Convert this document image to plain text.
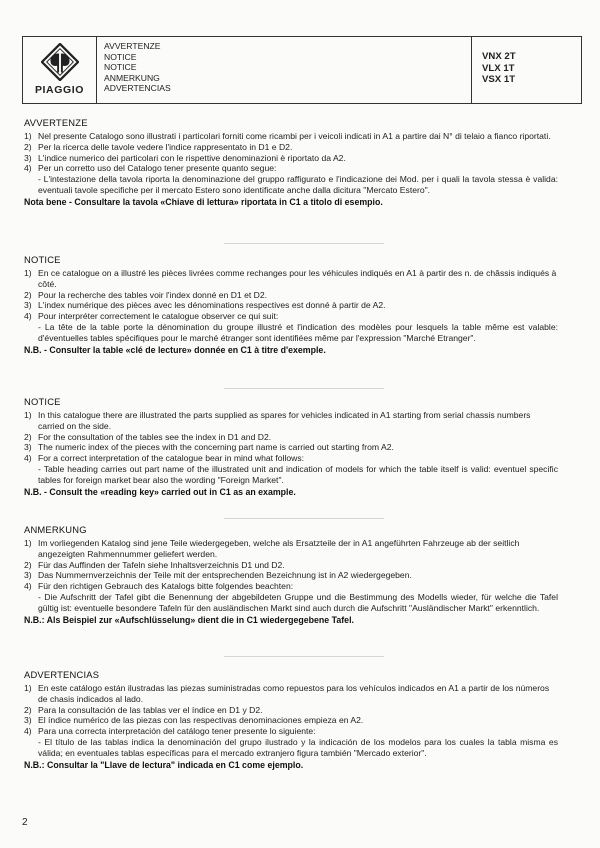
PIAGGIO
AVVERTENZE
NOTICE
NOTICE
ANMERKUNG
ADVERTENCIAS
VNX 2T
VLX 1T
VSX 1T
AVVERTENZE
1) Nel presente Catalogo sono illustrati i particolari forniti come ricambi per i veicoli indicati in A1 a partire dai N° di telaio a fianco riportati.
2) Per la ricerca delle tavole vedere l'indice rappresentato in D1 e D2.
3) L'indice numerico dei particolari con le rispettive denominazioni è riportato da A2.
4) Per un corretto uso del Catalogo tener presente quanto segue:
- L'intestazione della tavola riporta la denominazione del gruppo raffigurato e l'indicazione dei Mod. per i quali la tavola stessa è valida: eventuali tavole specifiche per il mercato Estero sono identificate anche dalla dicitura "Mercato Estero".
Nota bene - Consultare la tavola «Chiave di lettura» riportata in C1 a titolo di esempio.
NOTICE
1) En ce catalogue on a illustré les pièces livrées comme rechanges pour les véhicules indiqués en A1 à partir des n. de châssis indiqués à côté.
2) Pour la recherche des tables voir l'index donné en D1 et D2.
3) L'index numérique des pièces avec les dénominations respectives est donné à partir de A2.
4) Pour interpréter correctement le catalogue observer ce qui suit:
- La tête de la table porte la dénomination du groupe illustré et l'indication des modèles pour lesquels la table même est valable: d'éventuelles tables spécifiques pour le marché étranger sont identifiées même par l'expression "Marché Etranger".
N.B. - Consulter la table «clé de lecture» donnée en C1 à titre d'exemple.
NOTICE
1) In this catalogue there are illustrated the parts supplied as spares for vehicles indicated in A1 starting from serial chassis numbers carried on the side.
2) For the consultation of the tables see the index in D1 and D2.
3) The numeric index of the pieces with the concerning part name is carried out starting from A2.
4) For a correct interpretation of the catalogue bear in mind what follows:
- Table heading carries out part name of the illustrated unit and indication of models for which the table itself is valid: eventuel specific tables for foreign market bear also the wording "Foreign Market".
N.B. - Consult the «reading key» carried out in C1 as an example.
ANMERKUNG
1) Im vorliegenden Katalog sind jene Teile wiedergegeben, welche als Ersatzteile der in A1 angeführten Fahrzeuge ab der seitlich angezeigten Rahmennummer geliefert werden.
2) Für das Auffinden der Tafeln siehe Inhaltsverzeichnis D1 und D2.
3) Das Nummernverzeichnis der Teile mit der entsprechenden Bezeichnung ist in A2 wiedergegeben.
4) Für den richtigen Gebrauch des Katalogs bitte folgendes beachten:
- Die Aufschritt der Tafel gibt die Benennung der abgebildeten Gruppe und die Bestimmung des Modells wieder, für welche die Tafel gültig ist: eventuelle besondere Tafeln für den ausländischen Markt sind auch durch die Aufschritt "Ausländischer Markt" erkenntlich.
N.B.: Als Beispiel zur «Aufschlüsselung» dient die in C1 wiedergegebene Tafel.
ADVERTENCIAS
1) En este catálogo están ilustradas las piezas suministradas como repuestos para los vehículos indicados en A1 a partir de los números de chasis indicados al lado.
2) Para la consultación de las tablas ver el índice en D1 y D2.
3) El índice numérico de las piezas con las respectivas denominaciones empieza en A2.
4) Para una correcta interpretación del catálogo tener presente lo siguiente:
- El título de las tablas indica la denominación del grupo ilustrado y la indicación de los modelos para los cuales la tabla misma es válida; en eventuales tablas específicas para el mercado extranjero figura también "Mercado exterior".
N.B.: Consultar la "Llave de lectura" indicada en C1 come ejemplo.
2
